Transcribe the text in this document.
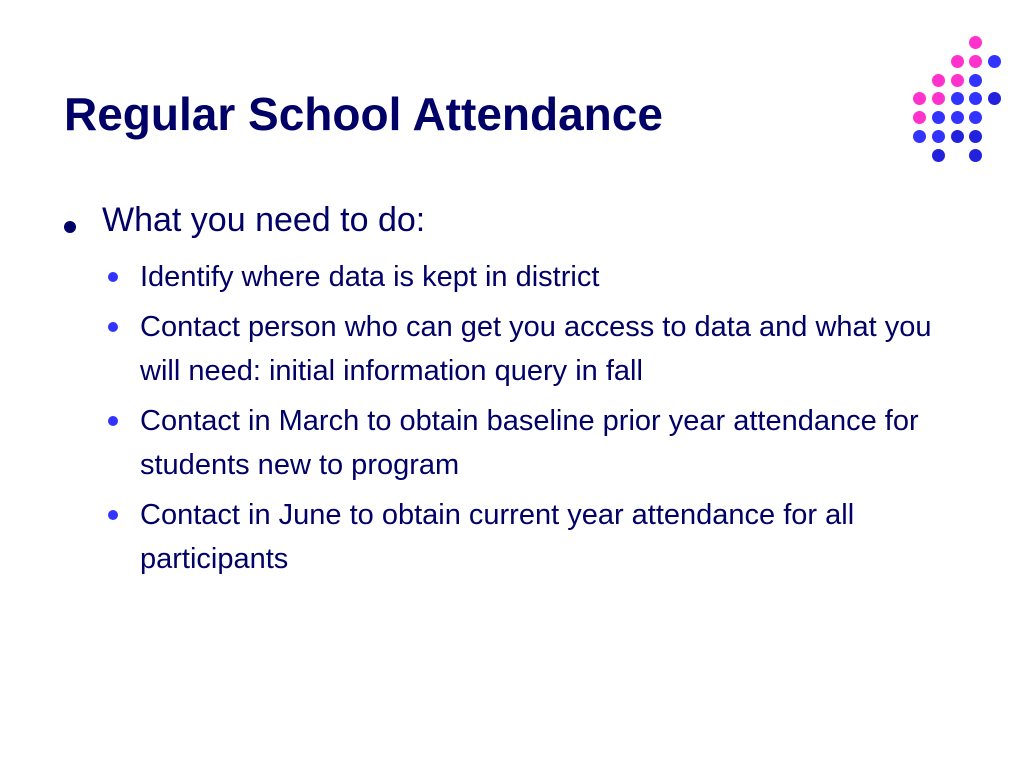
Regular School Attendance
What you need to do:
Identify where data is kept in district
Contact person who can get you access to data and what you will need: initial information query in fall
Contact in March to obtain baseline prior year attendance for students new to program
Contact in June to obtain current year attendance for all participants
